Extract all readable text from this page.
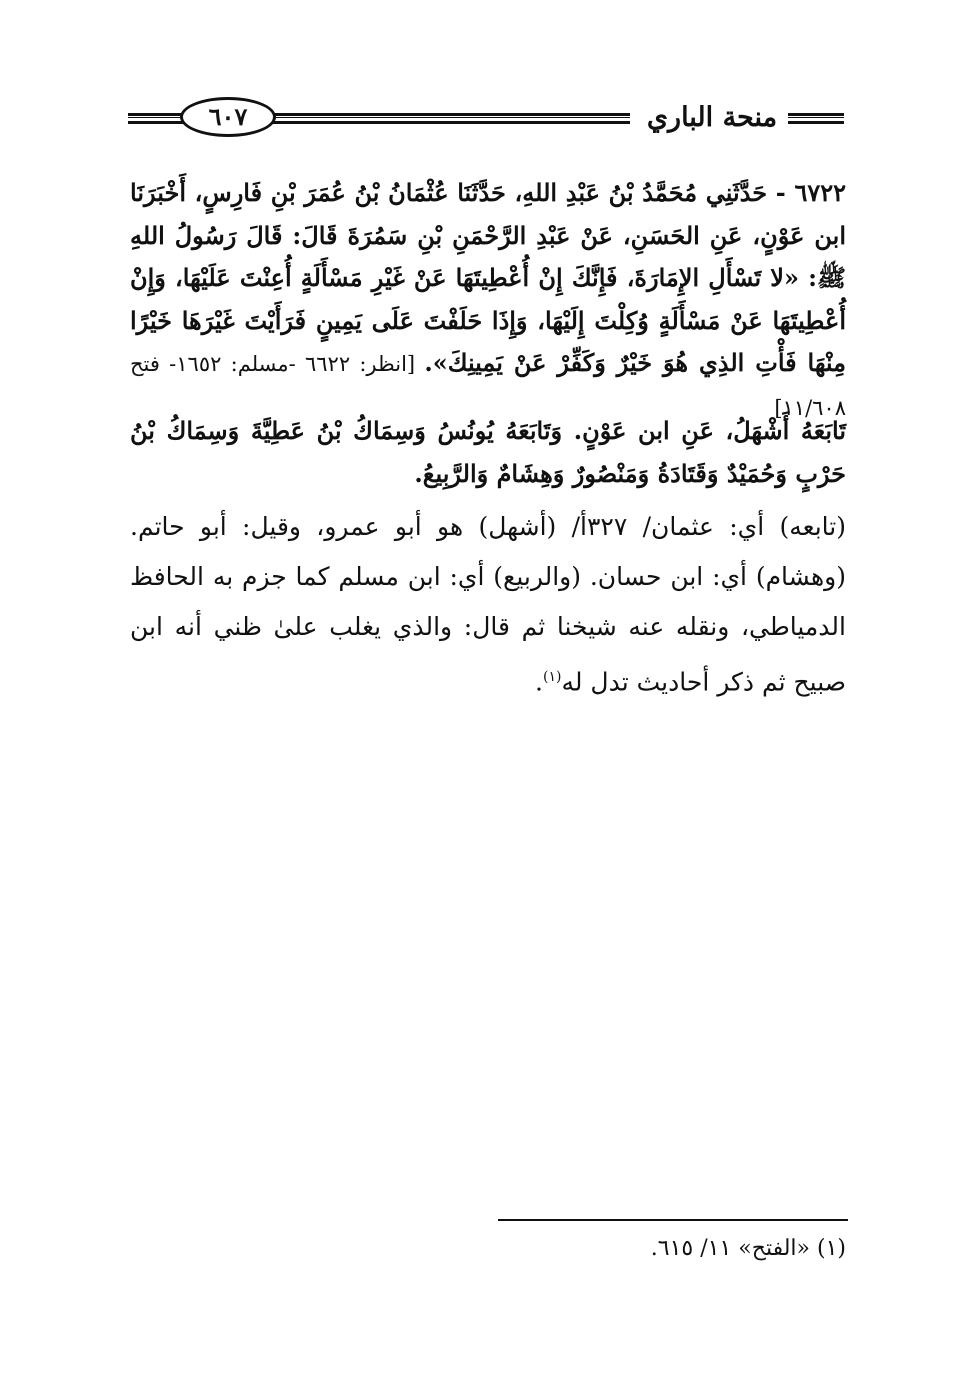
٦٠٧	منحة الباري
٦٧٢٢ - حَدَّثَنِي مُحَمَّدُ بْنُ عَبْدِ اللهِ، حَدَّثَنَا عُثْمَانُ بْنُ عُمَرَ بْنِ فَارِسٍ، أَخْبَرَنَا ابن عَوْنٍ، عَنِ الحَسَنِ، عَنْ عَبْدِ الرَّحْمَنِ بْنِ سَمُرَةَ قَالَ: قَالَ رَسُولُ اللهِ ﷺ: «لا تَسْأَلِ الإِمَارَةَ، فَإِنَّكَ إِنْ أُعْطِيتَهَا عَنْ غَيْرِ مَسْأَلَةٍ أُعِنْتَ عَلَيْهَا، وَإِنْ أُعْطِيتَهَا عَنْ مَسْأَلَةٍ وُكِلْتَ إِلَيْهَا، وَإِذَا حَلَفْتَ عَلَى يَمِينٍ فَرَأَيْتَ غَيْرَهَا خَيْرًا مِنْهَا فَأْتِ الذِي هُوَ خَيْرٌ وَكَفِّرْ عَنْ يَمِينِكَ». [انظر: ٦٦٢٢ -مسلم: ١٦٥٢- فتح ١١/٦٠٨]
تَابَعَهُ أَشْهَلُ، عَنِ ابن عَوْنٍ. وَتَابَعَهُ يُونُسُ وَسِمَاكُ بْنُ عَطِيَّةَ وَسِمَاكُ بْنُ حَرْبٍ وَحُمَيْدٌ وَقَتَادَةُ وَمَنْصُورٌ وَهِشَامٌ وَالرَّبِيعُ.
(تابعه) أي: عثمان/ ٣٢٧أ/ (أشهل) هو أبو عمرو، وقيل: أبو حاتم. (وهشام) أي: ابن حسان. (والربيع) أي: ابن مسلم كما جزم به الحافظ الدمياطي، ونقله عنه شيخنا ثم قال: والذي يغلب علىٰ ظني أنه ابن صبيح ثم ذكر أحاديث تدل له$^{(١)}$.
(١) «الفتح» ١١/ ٦١٥.
